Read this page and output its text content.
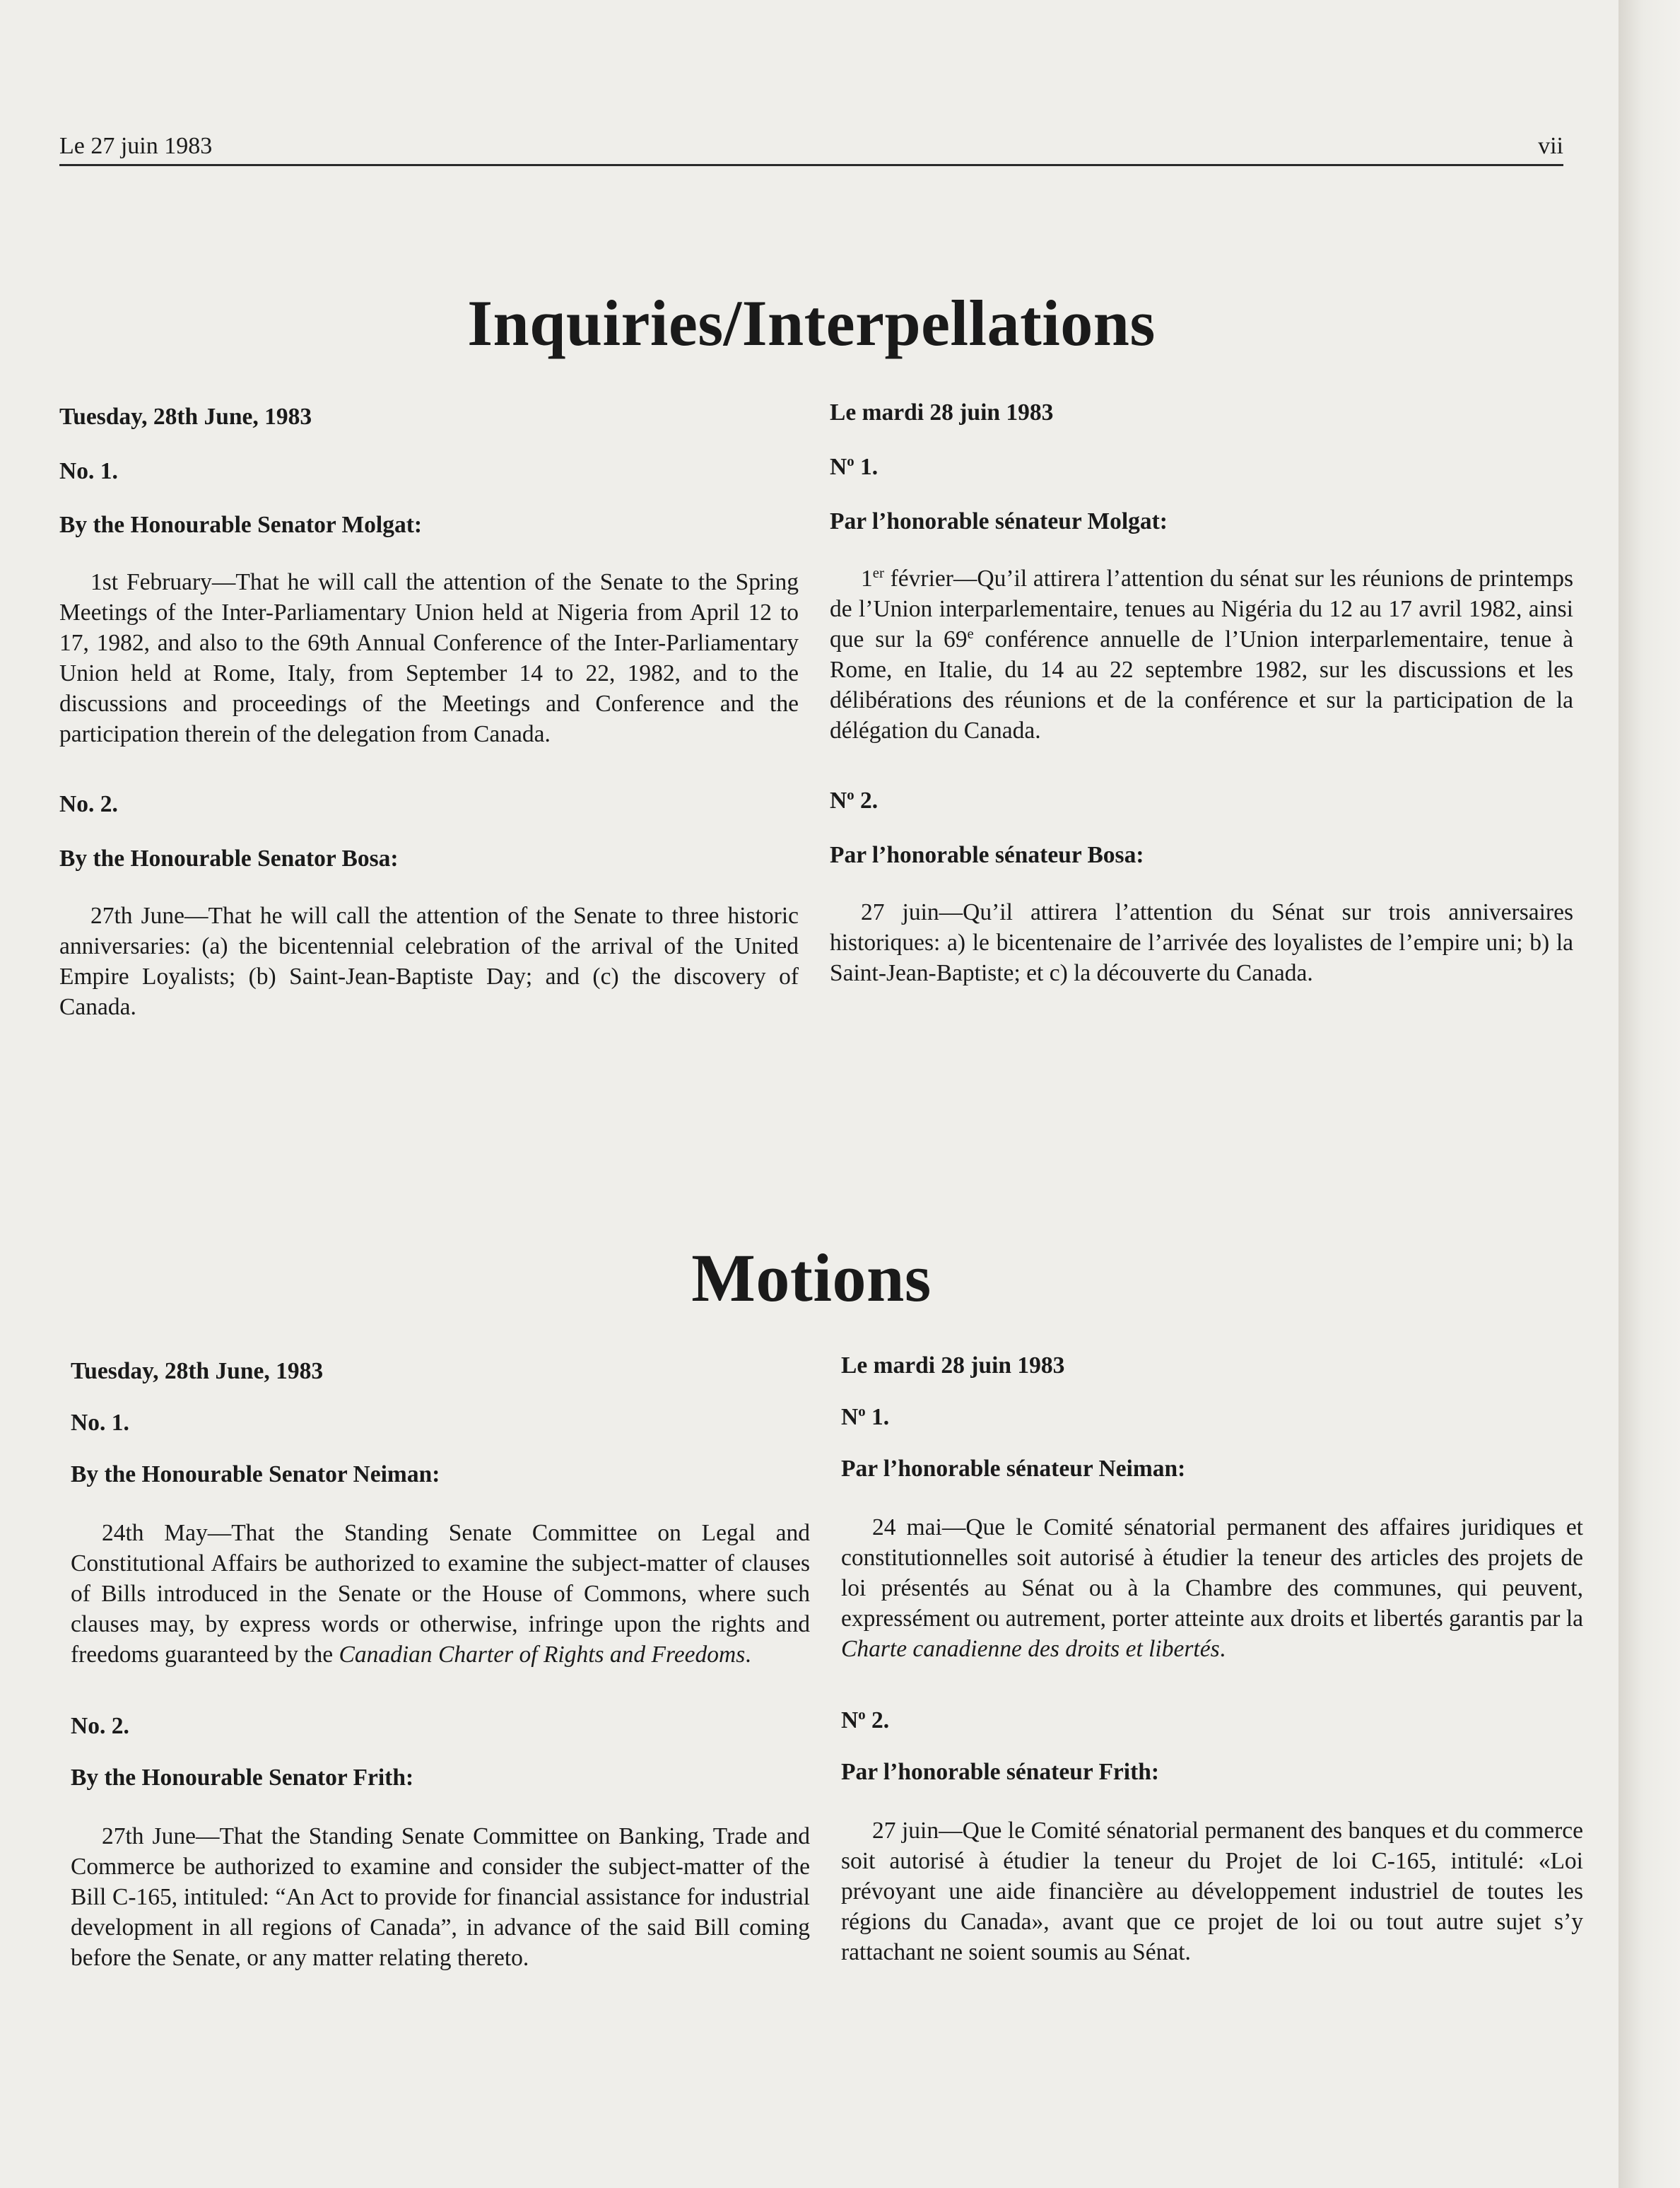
Le 27 juin 1983	vii
Inquiries/Interpellations

Tuesday, 28th June, 1983

No. 1.

By the Honourable Senator Molgat:

1st February—That he will call the attention of the Senate to the Spring Meetings of the Inter-Parliamentary Union held at Nigeria from April 12 to 17, 1982, and also to the 69th Annual Conference of the Inter-Parliamentary Union held at Rome, Italy, from September 14 to 22, 1982, and to the discussions and proceedings of the Meetings and Conference and the participation therein of the delegation from Canada.

No. 2.

By the Honourable Senator Bosa:

27th June—That he will call the attention of the Senate to three historic anniversaries: (a) the bicentennial celebration of the arrival of the United Empire Loyalists; (b) Saint-Jean-Baptiste Day; and (c) the discovery of Canada.

Le mardi 28 juin 1983

$N^o$ 1.

Par l’honorable sénateur Molgat:

1er février—Qu’il attirera l’attention du sénat sur les réunions de printemps de l’Union interparlementaire, tenues au Nigéria du 12 au 17 avril 1982, ainsi que sur la 69e conférence annuelle de l’Union interparlementaire, tenue à Rome, en Italie, du 14 au 22 septembre 1982, sur les discussions et les délibérations des réunions et de la conférence et sur la participation de la délégation du Canada.

$N^o$ 2.

Par l’honorable sénateur Bosa:

27 juin—Qu’il attirera l’attention du Sénat sur trois anniversaires historiques: a) le bicentenaire de l’arrivée des loyalistes de l’empire uni; b) la Saint-Jean-Baptiste; et c) la découverte du Canada.

Motions

Tuesday, 28th June, 1983

No. 1.

By the Honourable Senator Neiman:

24th May—That the Standing Senate Committee on Legal and Constitutional Affairs be authorized to examine the subject-matter of clauses of Bills introduced in the Senate or the House of Commons, where such clauses may, by express words or otherwise, infringe upon the rights and freedoms guaranteed by the Canadian Charter of Rights and Freedoms.

No. 2.

By the Honourable Senator Frith:

27th June—That the Standing Senate Committee on Banking, Trade and Commerce be authorized to examine and consider the subject-matter of the Bill C-165, intituled: “An Act to provide for financial assistance for industrial development in all regions of Canada”, in advance of the said Bill coming before the Senate, or any matter relating thereto.

Le mardi 28 juin 1983

$N^o$ 1.

Par l’honorable sénateur Neiman:

24 mai—Que le Comité sénatorial permanent des affaires juridiques et constitutionnelles soit autorisé à étudier la teneur des articles des projets de loi présentés au Sénat ou à la Chambre des communes, qui peuvent, expressément ou autrement, porter atteinte aux droits et libertés garantis par la Charte canadienne des droits et libertés.

$N^o$ 2.

Par l’honorable sénateur Frith:

27 juin—Que le Comité sénatorial permanent des banques et du commerce soit autorisé à étudier la teneur du Projet de loi C-165, intitulé: «Loi prévoyant une aide financière au développement industriel de toutes les régions du Canada», avant que ce projet de loi ou tout autre sujet s’y rattachant ne soient soumis au Sénat.
